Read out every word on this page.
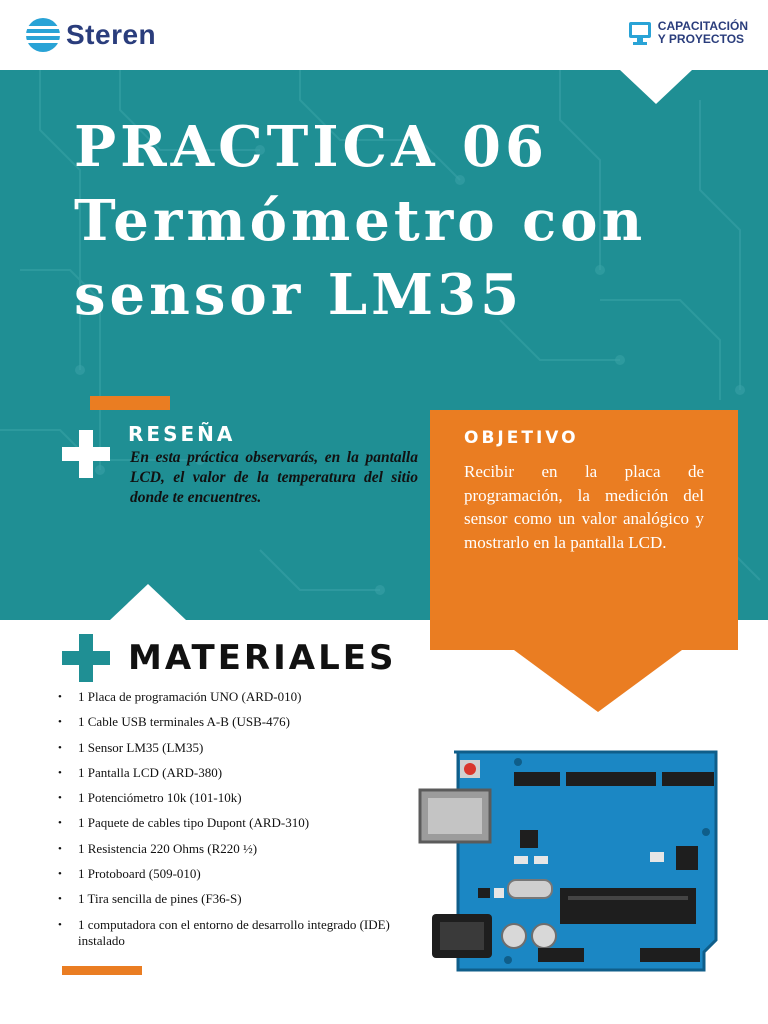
Steren	CAPACITACIÓN
Y PROYECTOS
PRACTICA 06
Termómetro con
sensor LM35
RESEÑA
En esta práctica observarás, en la pantalla LCD, el valor de la temperatura del sitio donde te encuentres.
OBJETIVO
Recibir en la placa de programación, la medición del sensor como un valor analógico y mostrarlo en la pantalla LCD.
MATERIALES
• 1 Placa de programación UNO (ARD-010)
• 1 Cable USB terminales A-B (USB-476)
• 1 Sensor LM35 (LM35)
• 1 Pantalla LCD (ARD-380)
• 1 Potenciómetro 10k (101-10k)
• 1 Paquete de cables tipo Dupont (ARD-310)
• 1 Resistencia 220 Ohms (R220 ½)
• 1 Protoboard (509-010)
• 1 Tira sencilla de pines (F36-S)
• 1 computadora con el entorno de desarrollo integrado (IDE) instalado
